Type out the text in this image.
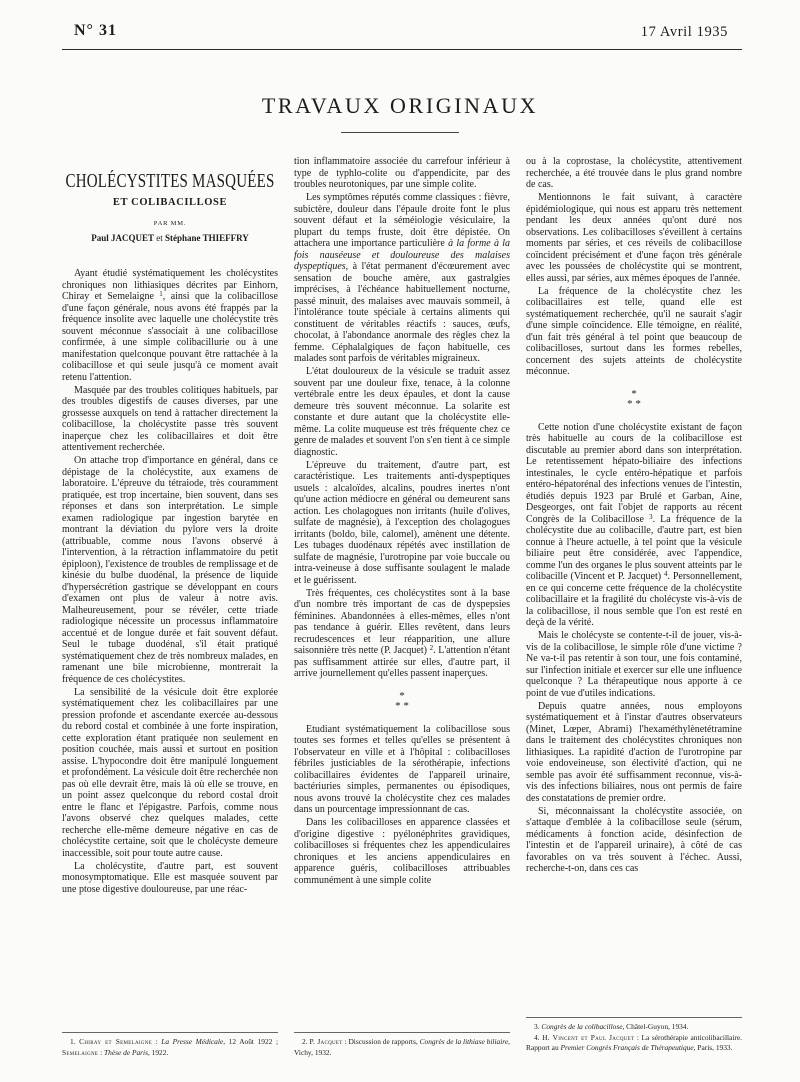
N° 31	17 Avril 1935
TRAVAUX ORIGINAUX
CHOLÉCYSTITES MASQUÉES
ET COLIBACILLOSE
PAR MM.
Paul JACQUET et Stéphane THIEFFRY

Ayant étudié systématiquement les cholécystites chroniques non lithiasiques décrites par Einhorn, Chiray et Semelaigne $^1$, ainsi que la colibacillose d'une façon générale, nous avons été frappés par la fréquence insolite avec laquelle une cholécystite très souvent méconnue s'associait à une colibacillose confirmée, à une simple colibacillurie ou à une manifestation quelconque pouvant être rattachée à la colibacillose et qui seule jusqu'à ce moment avait retenu l'attention.

Masquée par des troubles colitiques habituels, par des troubles digestifs de causes diverses, par une grossesse auxquels on tend à rattacher directement la colibacillose, la cholécystite passe très souvent inaperçue chez les colibacillaires et doit être attentivement recherchée.

On attache trop d'importance en général, dans ce dépistage de la cholécystite, aux examens de laboratoire. L'épreuve du tétraiode, très couramment pratiquée, est trop incertaine, bien souvent, dans ses réponses et dans son interprétation. Le simple examen radiologique par ingestion barytée en montrant la déviation du pylore vers la droite (attribuable, comme nous l'avons observé à l'intervention, à la rétraction inflammatoire du petit épiploon), l'existence de troubles de remplissage et de kinésie du bulbe duodénal, la présence de liquide d'hypersécrétion gastrique se développant en cours d'examen ont plus de valeur à notre avis. Malheureusement, pour se révéler, cette triade radiologique nécessite un processus inflammatoire accentué et de longue durée et fait souvent défaut. Seul le tubage duodénal, s'il était pratiqué systématiquement chez de très nombreux malades, en ramenant une bile microbienne, montrerait la fréquence de ces cholécystites.

La sensibilité de la vésicule doit être explorée systématiquement chez les colibacillaires par une pression profonde et ascendante exercée au-dessous du rebord costal et combinée à une forte inspiration, cette exploration étant pratiquée non seulement en position couchée, mais aussi et surtout en position assise. L'hypocondre doit être manipulé longuement et profondément. La vésicule doit être recherchée non pas où elle devrait être, mais là où elle se trouve, en un point assez quelconque du rebord costal droit entre le flanc et l'épigastre. Parfois, comme nous l'avons observé chez quelques malades, cette recherche elle-même demeure négative en cas de cholécystite certaine, soit que le cholécyste demeure inaccessible, soit pour toute autre cause.

La cholécystite, d'autre part, est souvent monosymptomatique. Elle est masquée souvent par une ptose digestive douloureuse, par une réac-

tion inflammatoire associée du carrefour inférieur à type de typhlo-colite ou d'appendicite, par des troubles neurotoniques, par une simple colite.

Les symptômes réputés comme classiques : fièvre, subictère, douleur dans l'épaule droite font le plus souvent défaut et la séméiologie vésiculaire, la plupart du temps fruste, doit être dépistée. On attachera une importance particulière à la forme à la fois nauséeuse et douloureuse des malaises dyspeptiques, à l'état permanent d'écœurement avec sensation de bouche amère, aux gastralgies imprécises, à l'échéance habituellement nocturne, passé minuit, des malaises avec mauvais sommeil, à l'intolérance toute spéciale à certains aliments qui constituent de véritables réactifs : sauces, œufs, chocolat, à l'abondance anormale des règles chez la femme. Céphalalgiques de façon habituelle, ces malades sont parfois de véritables migraineux.

L'état douloureux de la vésicule se traduit assez souvent par une douleur fixe, tenace, à la colonne vertébrale entre les deux épaules, et dont la cause demeure très souvent méconnue. La solarite est constante et dure autant que la cholécystite elle-même. La colite muqueuse est très fréquente chez ce genre de malades et souvent l'on s'en tient à ce simple diagnostic.

L'épreuve du traitement, d'autre part, est caractéristique. Les traitements anti-dyspeptiques usuels : alcaloïdes, alcalins, poudres inertes n'ont qu'une action médiocre en général ou demeurent sans action. Les cholagogues non irritants (huile d'olives, sulfate de magnésie), à l'exception des cholagogues irritants (boldo, bile, calomel), amènent une détente. Les tubages duodénaux répétés avec instillation de sulfate de magnésie, l'urotropine par voie buccale ou intra-veineuse à dose suffisante soulagent le malade et le guérissent.

Très fréquentes, ces cholécystites sont à la base d'un nombre très important de cas de dyspepsies féminines. Abandonnées à elles-mêmes, elles n'ont pas tendance à guérir. Elles revêtent, dans leurs recrudescences et leur réapparition, une allure saisonnière très nette (P. Jacquet) $^2$. L'attention n'étant pas suffisamment attirée sur elles, d'autre part, il arrive journellement qu'elles passent inaperçues.

*
* *

Etudiant systématiquement la colibacillose sous toutes ses formes et telles qu'elles se présentent à l'observateur en ville et à l'hôpital : colibacilloses fébriles justiciables de la sérothérapie, infections colibacillaires évidentes de l'appareil urinaire, bactériuries simples, permanentes ou épisodiques, nous avons trouvé la cholécystite chez ces malades dans un pourcentage impressionnant de cas.

Dans les colibacilloses en apparence classées et d'origine digestive : pyélonéphrites gravidiques, colibacilloses si fréquentes chez les appendiculaires chroniques et les anciens appendiculaires en apparence guéris, colibacilloses attribuables communément à une simple colite

ou à la coprostase, la cholécystite, attentivement recherchée, a été trouvée dans le plus grand nombre de cas.

Mentionnons le fait suivant, à caractère épidémiologique, qui nous est apparu très nettement pendant les deux années qu'ont duré nos observations. Les colibacilloses s'éveillent à certains moments par séries, et ces réveils de colibacillose coïncident précisément et d'une façon très générale avec les poussées de cholécystite qui se montrent, elles aussi, par séries, aux mêmes époques de l'année.

La fréquence de la cholécystite chez les colibacillaires est telle, quand elle est systématiquement recherchée, qu'il ne saurait s'agir d'une simple coïncidence. Elle témoigne, en réalité, d'un fait très général à tel point que beaucoup de colibacilloses, surtout dans les formes rebelles, concernent des sujets atteints de cholécystite méconnue.

*
* *

Cette notion d'une cholécystite existant de façon très habituelle au cours de la colibacillose est discutable au premier abord dans son interprétation. Le retentissement hépato-biliaire des infections intestinales, le cycle entéro-hépatique et parfois entéro-hépatorénal des infections venues de l'intestin, étudiés depuis 1923 par Brulé et Garban, Aine, Desgeorges, ont fait l'objet de rapports au récent Congrès de la Colibacillose $^3$. La fréquence de la cholécystite due au colibacille, d'autre part, est bien connue à l'heure actuelle, à tel point que la vésicule biliaire peut être considérée, avec l'appendice, comme l'un des organes le plus souvent atteints par le colibacille (Vincent et P. Jacquet) $^4$. Personnellement, en ce qui concerne cette fréquence de la cholécystite colibacillaire et la fragilité du cholécyste vis-à-vis de la colibacillose, il nous semble que l'on est resté en deçà de la vérité.

Mais le cholécyste se contente-t-il de jouer, vis-à-vis de la colibacillose, le simple rôle d'une victime ? Ne va-t-il pas retentir à son tour, une fois contaminé, sur l'infection initiale et exercer sur elle une influence quelconque ? La thérapeutique nous apporte à ce point de vue d'utiles indications.

Depuis quatre années, nous employons systématiquement et à l'instar d'autres observateurs (Minet, Lœper, Abrami) l'hexaméthylènetétramine dans le traitement des cholécystites chroniques non lithiasiques. La rapidité d'action de l'urotropine par voie endoveineuse, son électivité d'action, qui ne semble pas avoir été suffisamment reconnue, vis-à-vis des infections biliaires, nous ont permis de faire des constatations de premier ordre.

Si, méconnaissant la cholécystite associée, on s'attaque d'emblée à la colibacillose seule (sérum, médicaments à fonction acide, désinfection de l'intestin et de l'appareil urinaire), à côté de cas favorables on va très souvent à l'échec. Aussi, recherche-t-on, dans ces cas

1. Chiray et Semelaigne : La Presse Médicale, 12 Août 1922 ; Semelaigne : Thèse de Paris, 1922.
2. P. Jacquet : Discussion de rapports, Congrès de la lithiase biliaire, Vichy, 1932.
3. Congrès de la colibacillose, Châtel-Guyon, 1934.
4. H. Vincent et Paul Jacquet : La sérothérapie anticolibacillaire. Rapport au Premier Congrès Français de Thérapeutique, Paris, 1933.
